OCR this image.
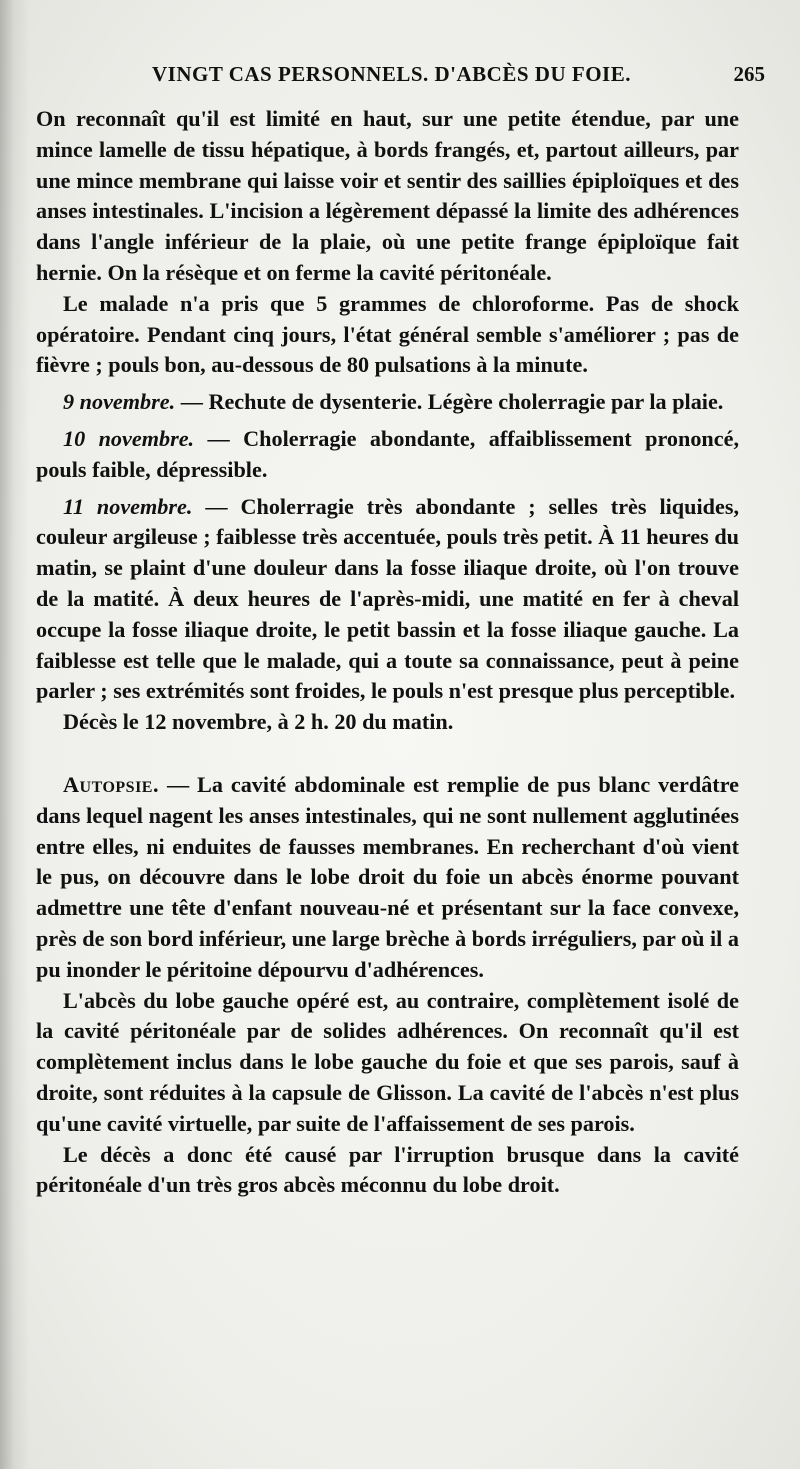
VINGT CAS PERSONNELS. D'ABCÈS DU FOIE.	265

On reconnaît qu'il est limité en haut, sur une petite étendue, par une mince lamelle de tissu hépatique, à bords frangés, et, partout ailleurs, par une mince membrane qui laisse voir et sentir des saillies épiploïques et des anses intestinales. L'incision a légèrement dépassé la limite des adhérences dans l'angle inférieur de la plaie, où une petite frange épiploïque fait hernie. On la résèque et on ferme la cavité péritonéale.

Le malade n'a pris que 5 grammes de chloroforme. Pas de shock opératoire. Pendant cinq jours, l'état général semble s'améliorer ; pas de fièvre ; pouls bon, au-dessous de 80 pulsations à la minute.

9 novembre. — Rechute de dysenterie. Légère cholerragie par la plaie.

10 novembre. — Cholerragie abondante, affaiblissement prononcé, pouls faible, dépressible.

11 novembre. — Cholerragie très abondante ; selles très liquides, couleur argileuse ; faiblesse très accentuée, pouls très petit. À 11 heures du matin, se plaint d'une douleur dans la fosse iliaque droite, où l'on trouve de la matité. À deux heures de l'après-midi, une matité en fer à cheval occupe la fosse iliaque droite, le petit bassin et la fosse iliaque gauche. La faiblesse est telle que le malade, qui a toute sa connaissance, peut à peine parler ; ses extrémités sont froides, le pouls n'est presque plus perceptible.

Décès le 12 novembre, à 2 h. 20 du matin.

Autopsie. — La cavité abdominale est remplie de pus blanc verdâtre dans lequel nagent les anses intestinales, qui ne sont nullement agglutinées entre elles, ni enduites de fausses membranes. En recherchant d'où vient le pus, on découvre dans le lobe droit du foie un abcès énorme pouvant admettre une tête d'enfant nouveau-né et présentant sur la face convexe, près de son bord inférieur, une large brèche à bords irréguliers, par où il a pu inonder le péritoine dépourvu d'adhérences.

L'abcès du lobe gauche opéré est, au contraire, complètement isolé de la cavité péritonéale par de solides adhérences. On reconnaît qu'il est complètement inclus dans le lobe gauche du foie et que ses parois, sauf à droite, sont réduites à la capsule de Glisson. La cavité de l'abcès n'est plus qu'une cavité virtuelle, par suite de l'affaissement de ses parois.

Le décès a donc été causé par l'irruption brusque dans la cavité péritonéale d'un très gros abcès méconnu du lobe droit.
